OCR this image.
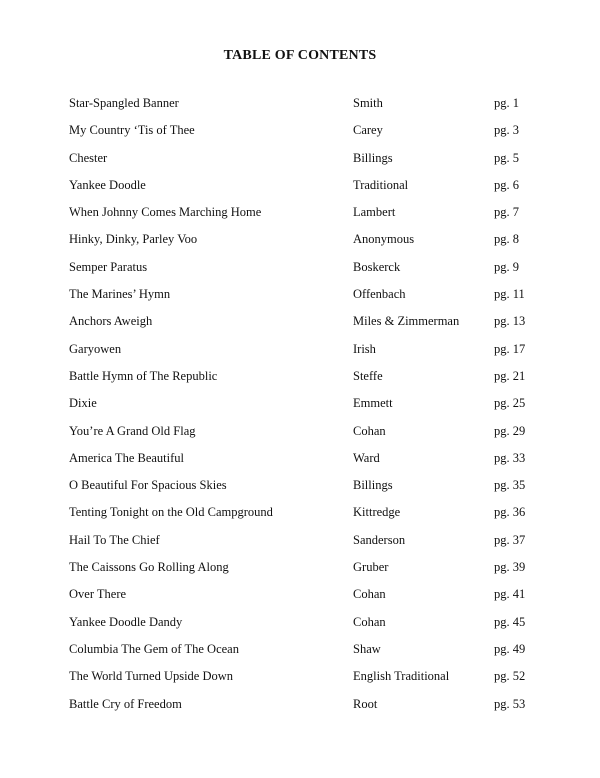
TABLE OF CONTENTS
Star-Spangled Banner	Smith	pg. 1
My Country ‘Tis of Thee	Carey	pg. 3
Chester	Billings	pg. 5
Yankee Doodle	Traditional	pg. 6
When Johnny Comes Marching Home	Lambert	pg. 7
Hinky, Dinky, Parley Voo	Anonymous	pg. 8
Semper Paratus	Boskerck	pg. 9
The Marines’ Hymn	Offenbach	pg. 11
Anchors Aweigh	Miles & Zimmerman	pg. 13
Garyowen	Irish	pg. 17
Battle Hymn of The Republic	Steffe	pg. 21
Dixie	Emmett	pg. 25
You’re A Grand Old Flag	Cohan	pg. 29
America The Beautiful	Ward	pg. 33
O Beautiful For Spacious Skies	Billings	pg. 35
Tenting Tonight on the Old Campground	Kittredge	pg. 36
Hail To The Chief	Sanderson	pg. 37
The Caissons Go Rolling Along	Gruber	pg. 39
Over There	Cohan	pg. 41
Yankee Doodle Dandy	Cohan	pg. 45
Columbia The Gem of The Ocean	Shaw	pg. 49
The World Turned Upside Down	English Traditional	pg. 52
Battle Cry of Freedom	Root	pg. 53
